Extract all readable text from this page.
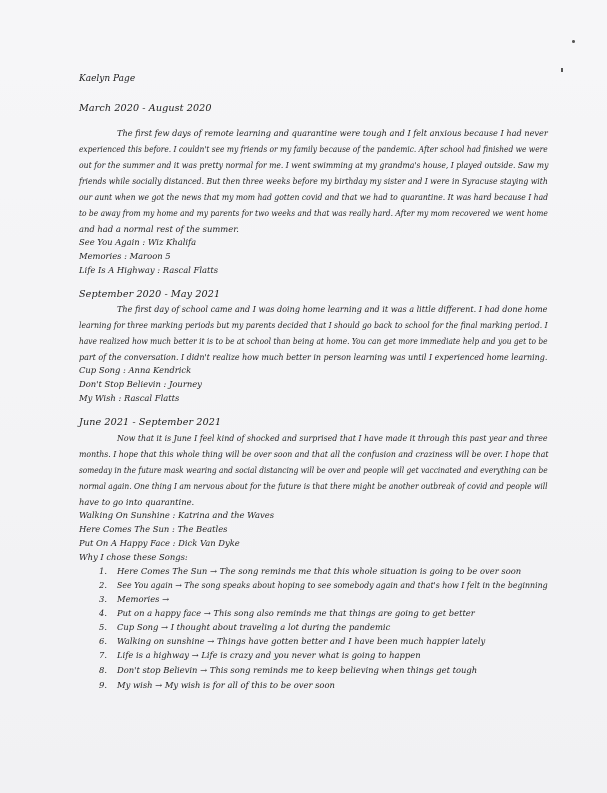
Kaelyn Page
March 2020 - August 2020
The first few days of remote learning and quarantine were tough and I felt anxious because I had never
experienced this before. I couldn't see my friends or my family because of the pandemic. After school had finished we were
out for the summer and it was pretty normal for me. I went swimming at my grandma's house, I played outside. Saw my
friends while socially distanced. But then three weeks before my birthday my sister and I were in Syracuse staying with
our aunt when we got the news that my mom had gotten covid and that we had to quarantine. It was hard because I had
to be away from my home and my parents for two weeks and that was really hard. After my mom recovered we went home
and had a normal rest of the summer.
See You Again : Wiz Khalifa
Memories : Maroon 5
Life Is A Highway : Rascal Flatts
September 2020 - May 2021
The first day of school came and I was doing home learning and it was a little different. I had done home
learning for three marking periods but my parents decided that I should go back to school for the final marking period. I
have realized how much better it is to be at school than being at home. You can get more immediate help and you get to be
part of the conversation. I didn't realize how much better in person learning was until I experienced home learning.
Cup Song : Anna Kendrick
Don't Stop Believin : Journey
My Wish : Rascal Flatts
June 2021 - September 2021
Now that it is June I feel kind of shocked and surprised that I have made it through this past year and three
months. I hope that this whole thing will be over soon and that all the confusion and craziness will be over. I hope that
someday in the future mask wearing and social distancing will be over and people will get vaccinated and everything can be
normal again. One thing I am nervous about for the future is that there might be another outbreak of covid and people will
have to go into quarantine.
Walking On Sunshine : Katrina and the Waves
Here Comes The Sun : The Beatles
Put On A Happy Face : Dick Van Dyke
Why I chose these Songs:
1. Here Comes The Sun → The song reminds me that this whole situation is going to be over soon
2. See You again → The song speaks about hoping to see somebody again and that's how I felt in the beginning
3. Memories →
4. Put on a happy face → This song also reminds me that things are going to get better
5. Cup Song → I thought about traveling a lot during the pandemic
6. Walking on sunshine → Things have gotten better and I have been much happier lately
7. Life is a highway → Life is crazy and you never what is going to happen
8. Don't stop Believin → This song reminds me to keep believing when things get tough
9. My wish → My wish is for all of this to be over soon
